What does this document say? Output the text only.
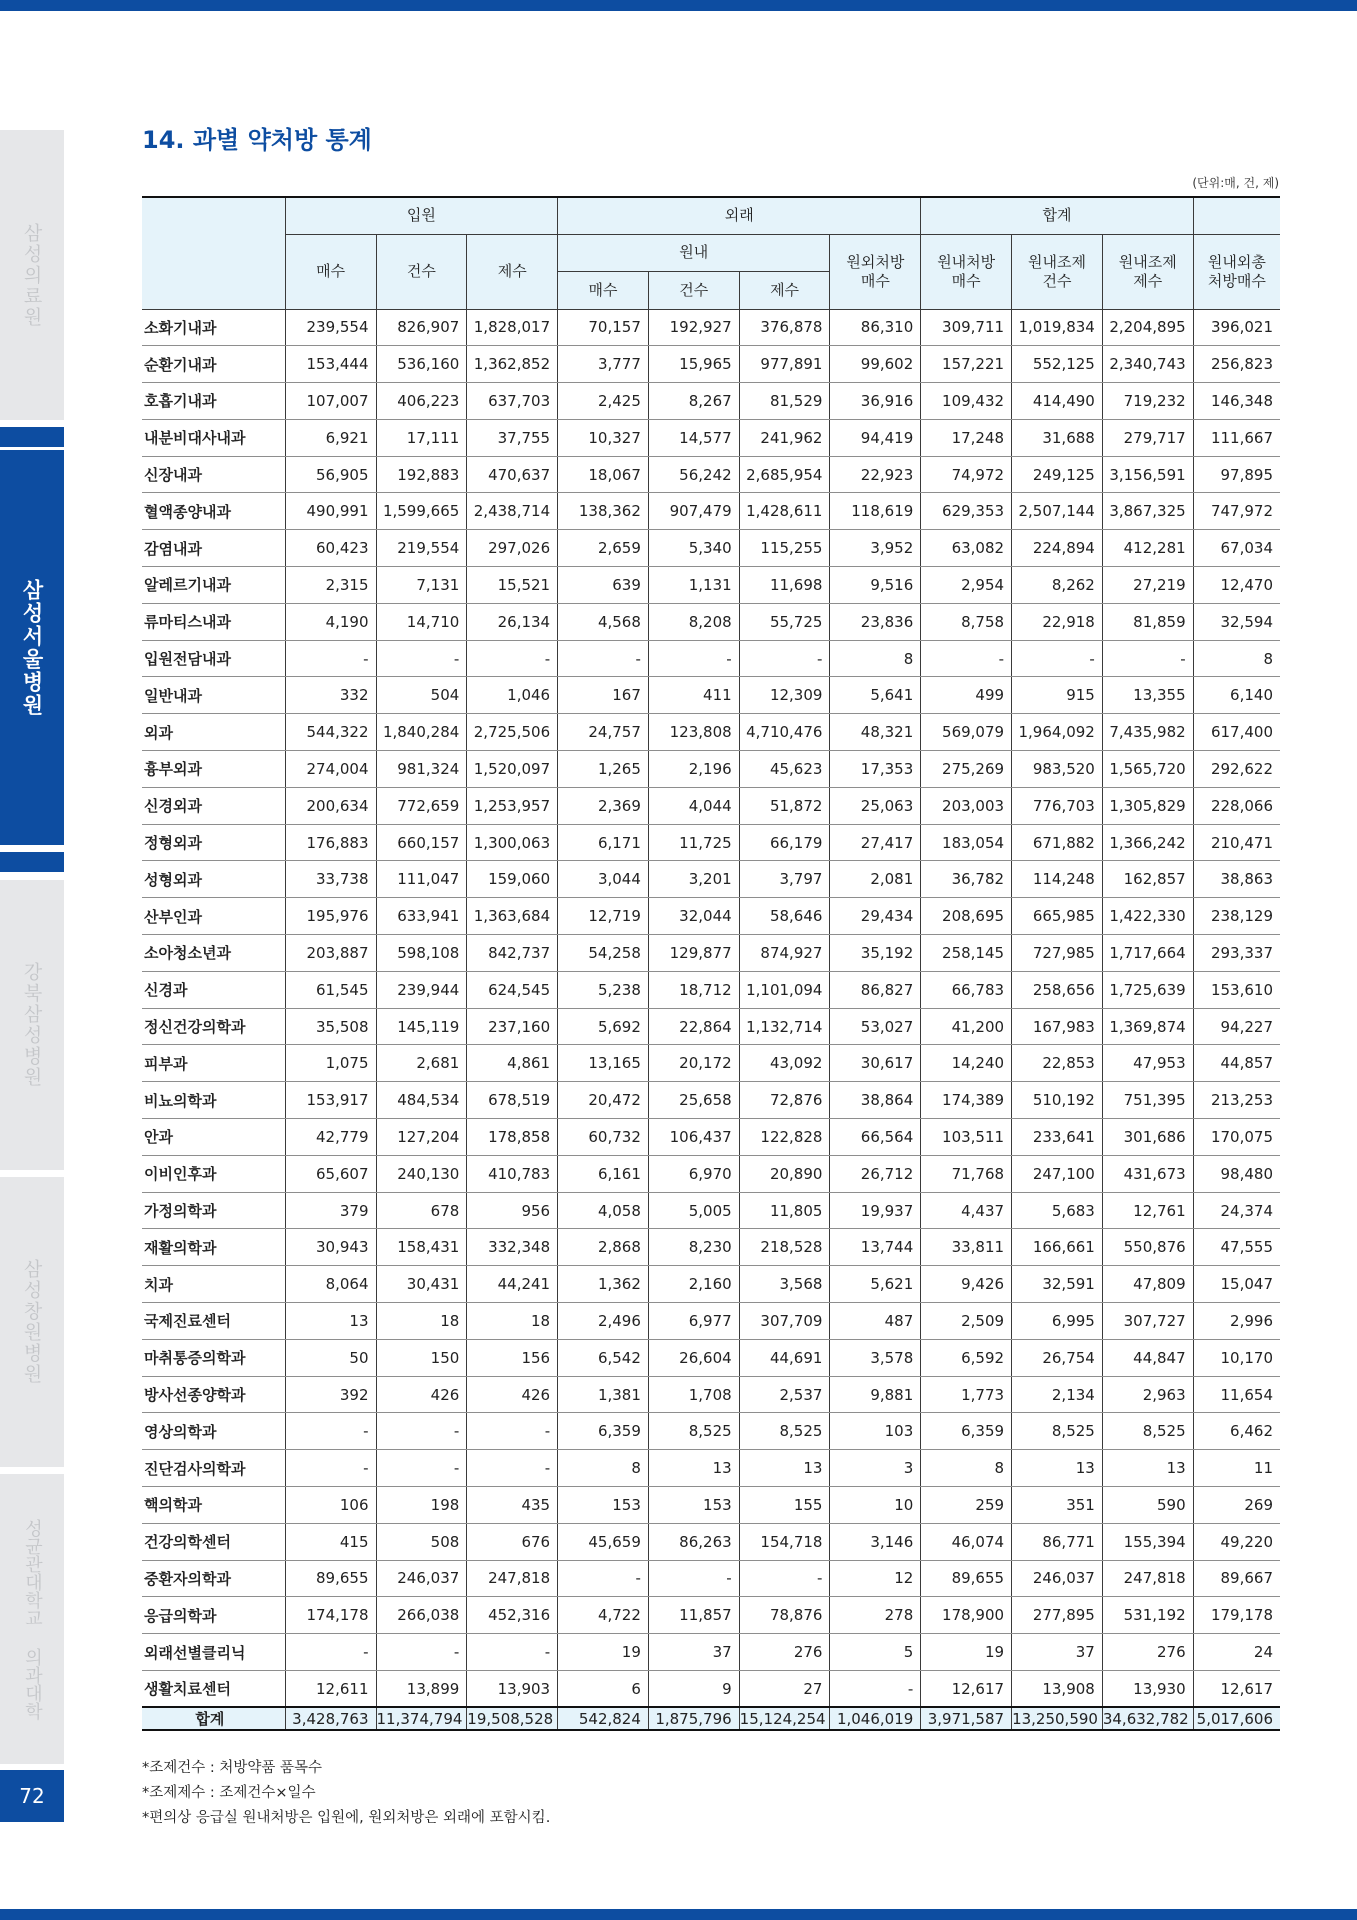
삼성의료원
삼성서울병원
강북삼성병원
삼성창원병원
성균관대학교 의과대학
72
14. 과별 약처방 통계
(단위:매, 건, 제)
	입원			외래				합계			
	매수	건수	제수	원내			원외처방 매수	원내처방 매수	원내조제 건수	원내조제 제수	원내외총 처방매수
				매수	건수	제수					
소화기내과	239,554	826,907	1,828,017	70,157	192,927	376,878	86,310	309,711	1,019,834	2,204,895	396,021
순환기내과	153,444	536,160	1,362,852	3,777	15,965	977,891	99,602	157,221	552,125	2,340,743	256,823
호흡기내과	107,007	406,223	637,703	2,425	8,267	81,529	36,916	109,432	414,490	719,232	146,348
내분비대사내과	6,921	17,111	37,755	10,327	14,577	241,962	94,419	17,248	31,688	279,717	111,667
신장내과	56,905	192,883	470,637	18,067	56,242	2,685,954	22,923	74,972	249,125	3,156,591	97,895
혈액종양내과	490,991	1,599,665	2,438,714	138,362	907,479	1,428,611	118,619	629,353	2,507,144	3,867,325	747,972
감염내과	60,423	219,554	297,026	2,659	5,340	115,255	3,952	63,082	224,894	412,281	67,034
알레르기내과	2,315	7,131	15,521	639	1,131	11,698	9,516	2,954	8,262	27,219	12,470
류마티스내과	4,190	14,710	26,134	4,568	8,208	55,725	23,836	8,758	22,918	81,859	32,594
입원전담내과	-	-	-	-	-	-	8	-	-	-	8
일반내과	332	504	1,046	167	411	12,309	5,641	499	915	13,355	6,140
외과	544,322	1,840,284	2,725,506	24,757	123,808	4,710,476	48,321	569,079	1,964,092	7,435,982	617,400
흉부외과	274,004	981,324	1,520,097	1,265	2,196	45,623	17,353	275,269	983,520	1,565,720	292,622
신경외과	200,634	772,659	1,253,957	2,369	4,044	51,872	25,063	203,003	776,703	1,305,829	228,066
정형외과	176,883	660,157	1,300,063	6,171	11,725	66,179	27,417	183,054	671,882	1,366,242	210,471
성형외과	33,738	111,047	159,060	3,044	3,201	3,797	2,081	36,782	114,248	162,857	38,863
산부인과	195,976	633,941	1,363,684	12,719	32,044	58,646	29,434	208,695	665,985	1,422,330	238,129
소아청소년과	203,887	598,108	842,737	54,258	129,877	874,927	35,192	258,145	727,985	1,717,664	293,337
신경과	61,545	239,944	624,545	5,238	18,712	1,101,094	86,827	66,783	258,656	1,725,639	153,610
정신건강의학과	35,508	145,119	237,160	5,692	22,864	1,132,714	53,027	41,200	167,983	1,369,874	94,227
피부과	1,075	2,681	4,861	13,165	20,172	43,092	30,617	14,240	22,853	47,953	44,857
비뇨의학과	153,917	484,534	678,519	20,472	25,658	72,876	38,864	174,389	510,192	751,395	213,253
안과	42,779	127,204	178,858	60,732	106,437	122,828	66,564	103,511	233,641	301,686	170,075
이비인후과	65,607	240,130	410,783	6,161	6,970	20,890	26,712	71,768	247,100	431,673	98,480
가정의학과	379	678	956	4,058	5,005	11,805	19,937	4,437	5,683	12,761	24,374
재활의학과	30,943	158,431	332,348	2,868	8,230	218,528	13,744	33,811	166,661	550,876	47,555
치과	8,064	30,431	44,241	1,362	2,160	3,568	5,621	9,426	32,591	47,809	15,047
국제진료센터	13	18	18	2,496	6,977	307,709	487	2,509	6,995	307,727	2,996
마취통증의학과	50	150	156	6,542	26,604	44,691	3,578	6,592	26,754	44,847	10,170
방사선종양학과	392	426	426	1,381	1,708	2,537	9,881	1,773	2,134	2,963	11,654
영상의학과	-	-	-	6,359	8,525	8,525	103	6,359	8,525	8,525	6,462
진단검사의학과	-	-	-	8	13	13	3	8	13	13	11
핵의학과	106	198	435	153	153	155	10	259	351	590	269
건강의학센터	415	508	676	45,659	86,263	154,718	3,146	46,074	86,771	155,394	49,220
중환자의학과	89,655	246,037	247,818	-	-	-	12	89,655	246,037	247,818	89,667
응급의학과	174,178	266,038	452,316	4,722	11,857	78,876	278	178,900	277,895	531,192	179,178
외래선별클리닉	-	-	-	19	37	276	5	19	37	276	24
생활치료센터	12,611	13,899	13,903	6	9	27	-	12,617	13,908	13,930	12,617
합계	3,428,763	11,374,794	19,508,528	542,824	1,875,796	15,124,254	1,046,019	3,971,587	13,250,590	34,632,782	5,017,606
*조제건수 : 처방약품 품목수
*조제제수 : 조제건수×일수
*편의상 응급실 원내처방은 입원에, 원외처방은 외래에 포함시킴.
